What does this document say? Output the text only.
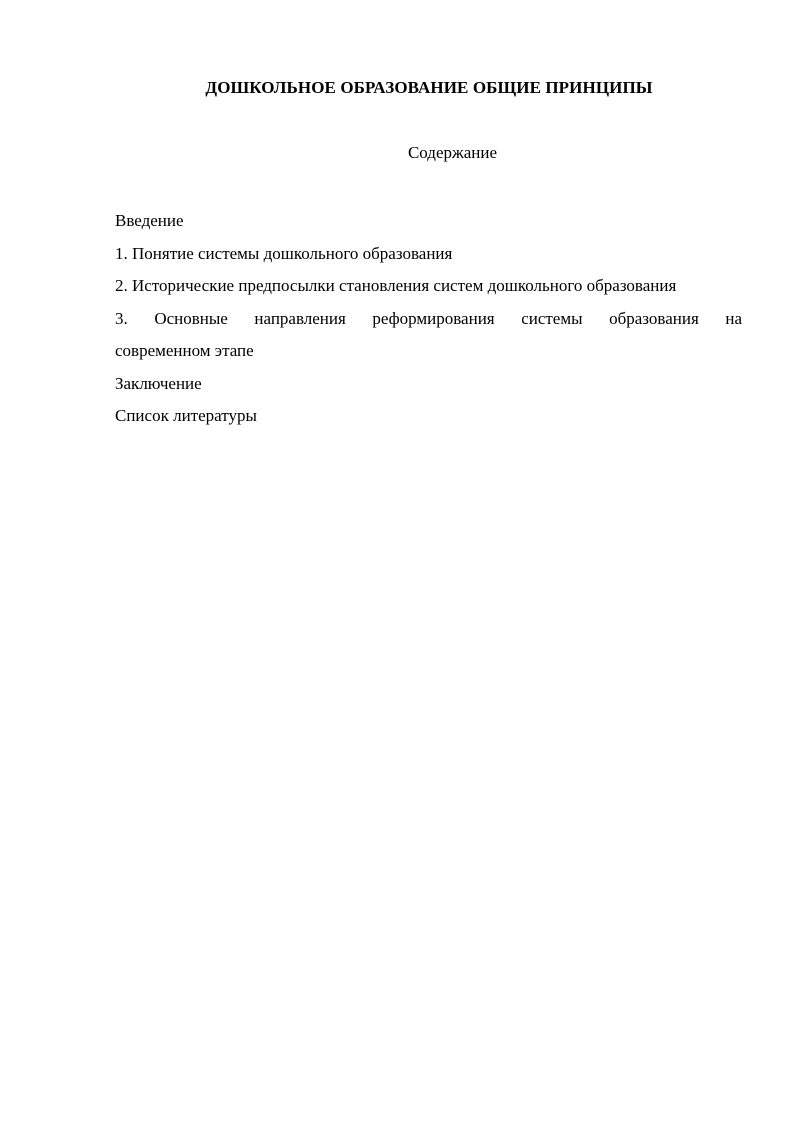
ДОШКОЛЬНОЕ ОБРАЗОВАНИЕ ОБЩИЕ ПРИНЦИПЫ
Содержание
Введение
1. Понятие системы дошкольного образования
2. Исторические предпосылки становления систем дошкольного образования
3. Основные направления реформирования системы образования на
современном этапе
Заключение
Список литературы
